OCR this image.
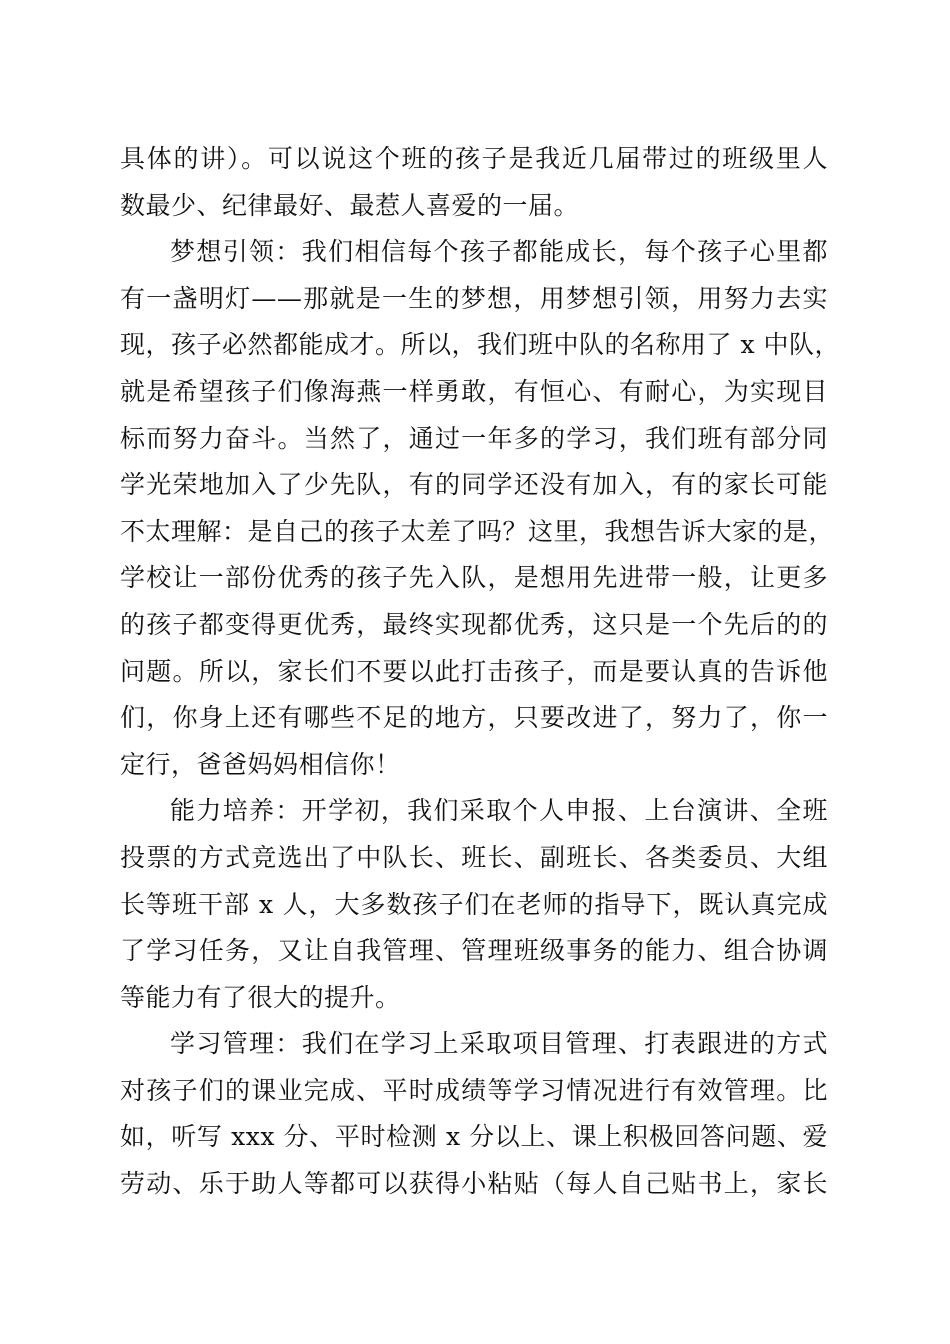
具体的讲）。可以说这个班的孩子是我近几届带过的班级里人
数最少、纪律最好、最惹人喜爱的一届。
梦想引领：我们相信每个孩子都能成长，每个孩子心里都
有一盏明灯——那就是一生的梦想，用梦想引领，用努力去实
现，孩子必然都能成才。所以，我们班中队的名称用了 x 中队，
就是希望孩子们像海燕一样勇敢，有恒心、有耐心，为实现目
标而努力奋斗。当然了，通过一年多的学习，我们班有部分同
学光荣地加入了少先队，有的同学还没有加入，有的家长可能
不太理解：是自己的孩子太差了吗？这里，我想告诉大家的是，
学校让一部份优秀的孩子先入队，是想用先进带一般，让更多
的孩子都变得更优秀，最终实现都优秀，这只是一个先后的的
问题。所以，家长们不要以此打击孩子，而是要认真的告诉他
们，你身上还有哪些不足的地方，只要改进了，努力了，你一
定行，爸爸妈妈相信你！
能力培养：开学初，我们采取个人申报、上台演讲、全班
投票的方式竞选出了中队长、班长、副班长、各类委员、大组
长等班干部 x 人，大多数孩子们在老师的指导下，既认真完成
了学习任务，又让自我管理、管理班级事务的能力、组合协调
等能力有了很大的提升。
学习管理：我们在学习上采取项目管理、打表跟进的方式
对孩子们的课业完成、平时成绩等学习情况进行有效管理。比
如，听写 xxx 分、平时检测 x 分以上、课上积极回答问题、爱
劳动、乐于助人等都可以获得小粘贴（每人自己贴书上，家长
